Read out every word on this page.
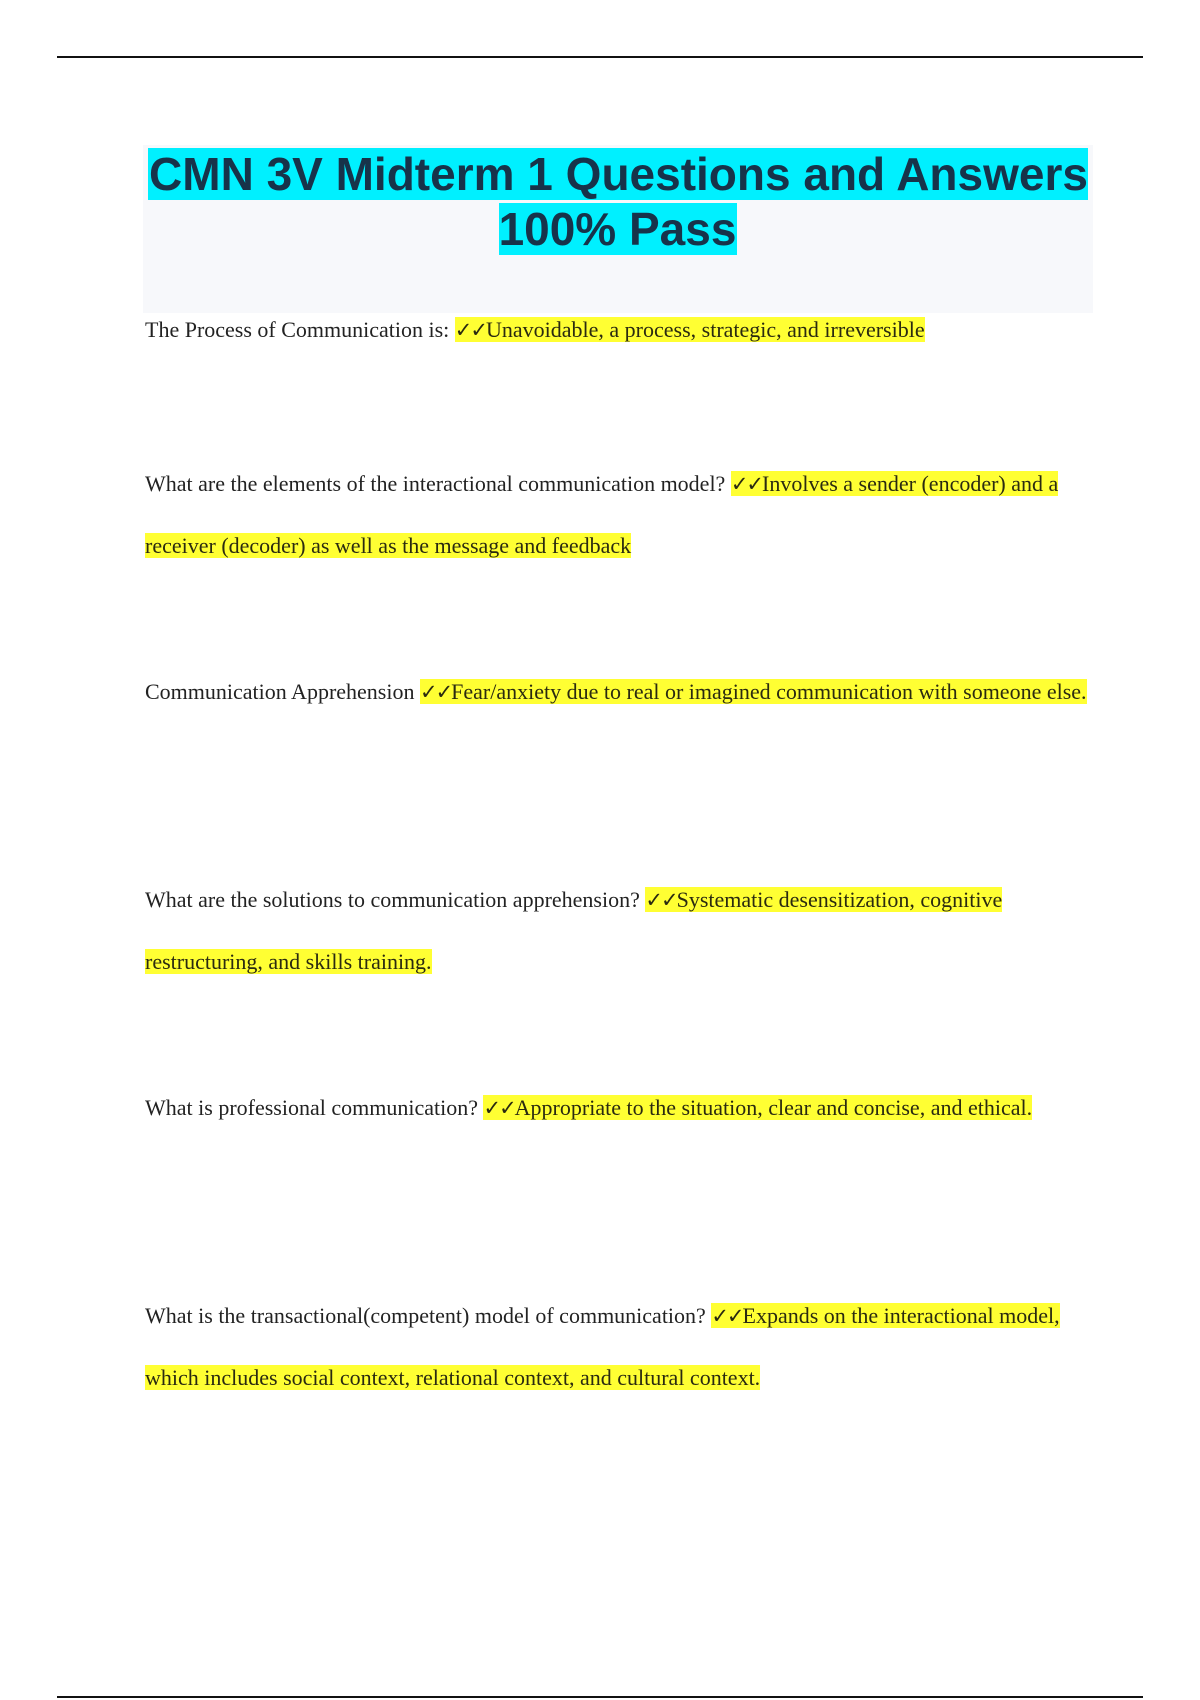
CMN 3V Midterm 1 Questions and Answers 100% Pass

The Process of Communication is: ✓✓Unavoidable, a process, strategic, and irreversible

What are the elements of the interactional communication model? ✓✓Involves a sender (encoder) and a receiver (decoder) as well as the message and feedback

Communication Apprehension ✓✓Fear/anxiety due to real or imagined communication with someone else.

What are the solutions to communication apprehension? ✓✓Systematic desensitization, cognitive restructuring, and skills training.

What is professional communication? ✓✓Appropriate to the situation, clear and concise, and ethical.

What is the transactional(competent) model of communication? ✓✓Expands on the interactional model, which includes social context, relational context, and cultural context.
